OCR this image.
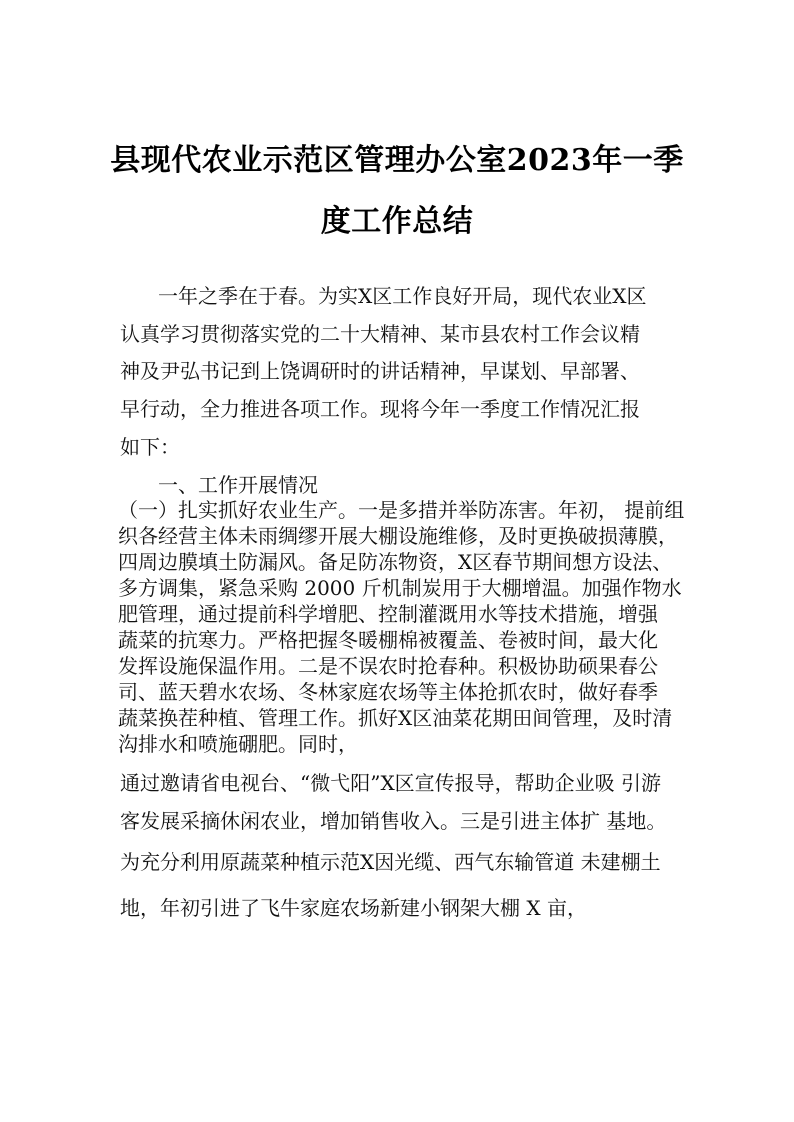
县现代农业示范区管理办公室2023年一季
度工作总结
一年之季在于春。为实X区工作良好开局，现代农业X区
认真学习贯彻落实党的二十大精神、某市县农村工作会议精
神及尹弘书记到上饶调研时的讲话精神，早谋划、早部署、
早行动，全力推进各项工作。现将今年一季度工作情况汇报
如下：
一、工作开展情况
（一）扎实抓好农业生产。一是多措并举防冻害。年初， 提前组
织各经营主体未雨绸缪开展大棚设施维修，及时更换破损薄膜，
四周边膜填土防漏风。备足防冻物资，X区春节期间想方设法、
多方调集，紧急采购 2000 斤机制炭用于大棚增温。加强作物水
肥管理，通过提前科学增肥、控制灌溉用水等技术措施，增强
蔬菜的抗寒力。严格把握冬暖棚棉被覆盖、卷被时间，最大化
发挥设施保温作用。二是不误农时抢春种。积极协助硕果春公
司、蓝天碧水农场、冬林家庭农场等主体抢抓农时，做好春季
蔬菜换茬种植、管理工作。抓好X区油菜花期田间管理，及时清
沟排水和喷施硼肥。同时，
通过邀请省电视台、“微弋阳”X区宣传报导，帮助企业吸 引游
客发展采摘休闲农业，增加销售收入。三是引进主体扩 基地。
为充分利用原蔬菜种植示范X因光缆、西气东输管道 未建棚土
地，年初引进了飞牛家庭农场新建小钢架大棚 X 亩，
